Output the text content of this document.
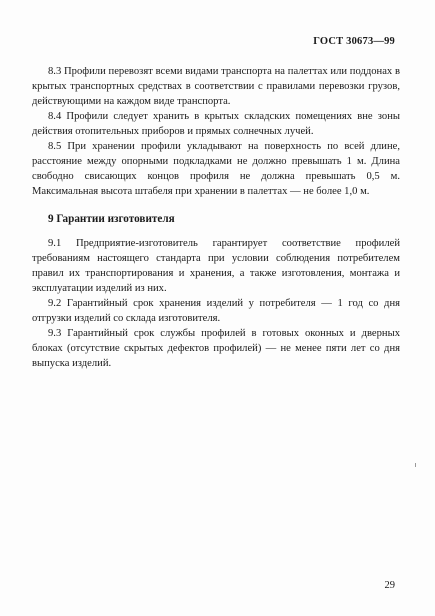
ГОСТ 30673—99

8.3 Профили перевозят всеми видами транспорта на палеттах или поддонах в крытых транспортных средствах в соответствии с правилами перевозки грузов, действующими на каждом виде транспорта.

8.4 Профили следует хранить в крытых складских помещениях вне зоны действия отопительных приборов и прямых солнечных лучей.

8.5 При хранении профили укладывают на поверхность по всей длине, расстояние между опорными подкладками не должно превышать 1 м. Длина свободно свисающих концов профиля не должна превышать 0,5 м. Максимальная высота штабеля при хранении в палеттах — не более 1,0 м.

9 Гарантии изготовителя

9.1 Предприятие-изготовитель гарантирует соответствие профилей требованиям настоящего стандарта при условии соблюдения потребителем правил их транспортирования и хранения, а также изготовления, монтажа и эксплуатации изделий из них.

9.2 Гарантийный срок хранения изделий у потребителя — 1 год со дня отгрузки изделий со склада изготовителя.

9.3 Гарантийный срок службы профилей в готовых оконных и дверных блоках (отсутствие скрытых дефектов профилей) — не менее пяти лет со дня выпуска изделий.

29
